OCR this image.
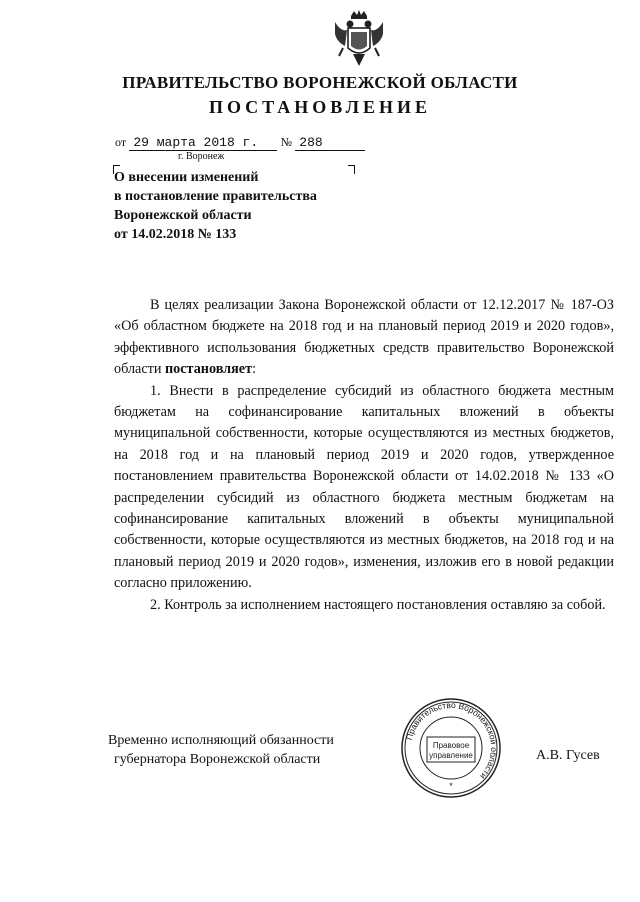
ПРАВИТЕЛЬСТВО ВОРОНЕЖСКОЙ ОБЛАСТИ
ПОСТАНОВЛЕНИЕ
от 29 марта 2018 г. № 288
г. Воронеж
О внесении изменений
в постановление правительства
Воронежской области
от 14.02.2018 № 133

В целях реализации Закона Воронежской области от 12.12.2017 № 187-ОЗ «Об областном бюджете на 2018 год и на плановый период 2019 и 2020 годов», эффективного использования бюджетных средств правительство Воронежской области постановляет:

1. Внести в распределение субсидий из областного бюджета местным бюджетам на софинансирование капитальных вложений в объекты муниципальной собственности, которые осуществляются из местных бюджетов, на 2018 год и на плановый период 2019 и 2020 годов, утвержденное постановлением правительства Воронежской области от 14.02.2018 № 133 «О распределении субсидий из областного бюджета местным бюджетам на софинансирование капитальных вложений в объекты муниципальной собственности, которые осуществляются из местных бюджетов, на 2018 год и на плановый период 2019 и 2020 годов», изменения, изложив его в новой редакции согласно приложению.

2. Контроль за исполнением настоящего постановления оставляю за собой.

Временно исполняющий обязанности
губернатора Воронежской области
Правительство Воронежской области
Правовое
управление
*
А.В. Гусев
